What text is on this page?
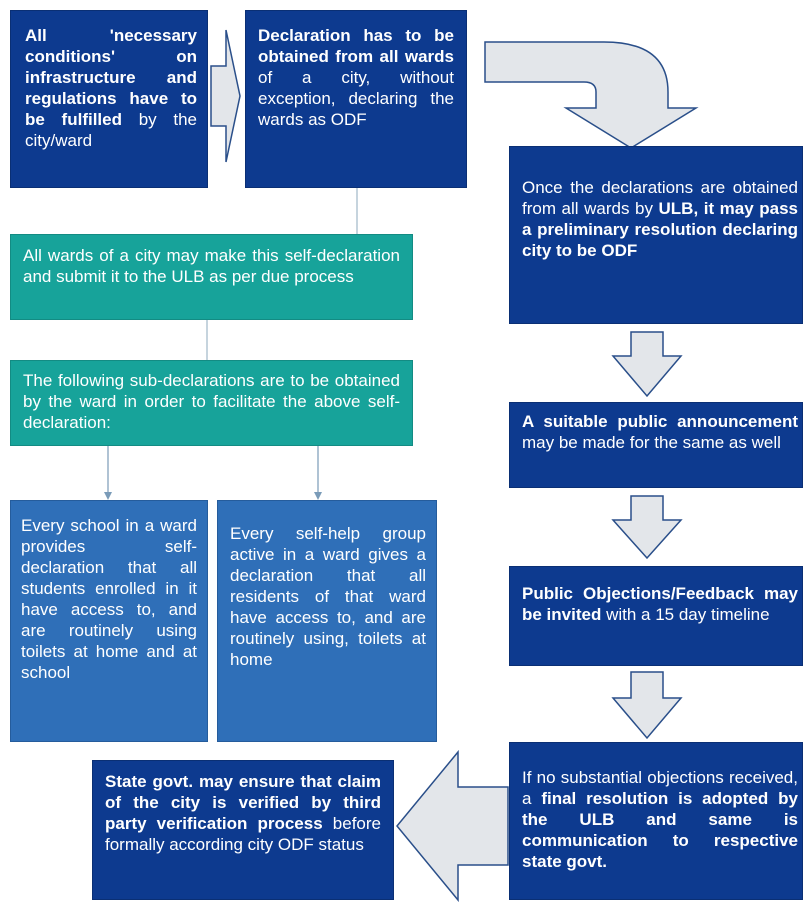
All 'necessary conditions' on infrastructure and regulations have to be fulfilled by the city/ward

Declaration has to be obtained from all wards of a city, without exception, declaring the wards as ODF

All wards of a city may make this self-declaration and submit it to the ULB as per due process

The following sub-declarations are to be obtained by the ward in order to facilitate the above self-declaration:

Every school in a ward provides self-declaration that all students enrolled in it have access to, and are routinely using toilets at home and at school

Every self-help group active in a ward gives a declaration that all residents of that ward have access to, and are routinely using, toilets at home

Once the declarations are obtained from all wards by ULB, it may pass a preliminary resolution declaring city to be ODF

A suitable public announcement may be made for the same as well

Public Objections/Feedback may be invited with a 15 day timeline

If no substantial objections received, a final resolution is adopted by the ULB and same is communication to respective state govt.

State govt. may ensure that claim of the city is verified by third party verification process before formally according city ODF status
